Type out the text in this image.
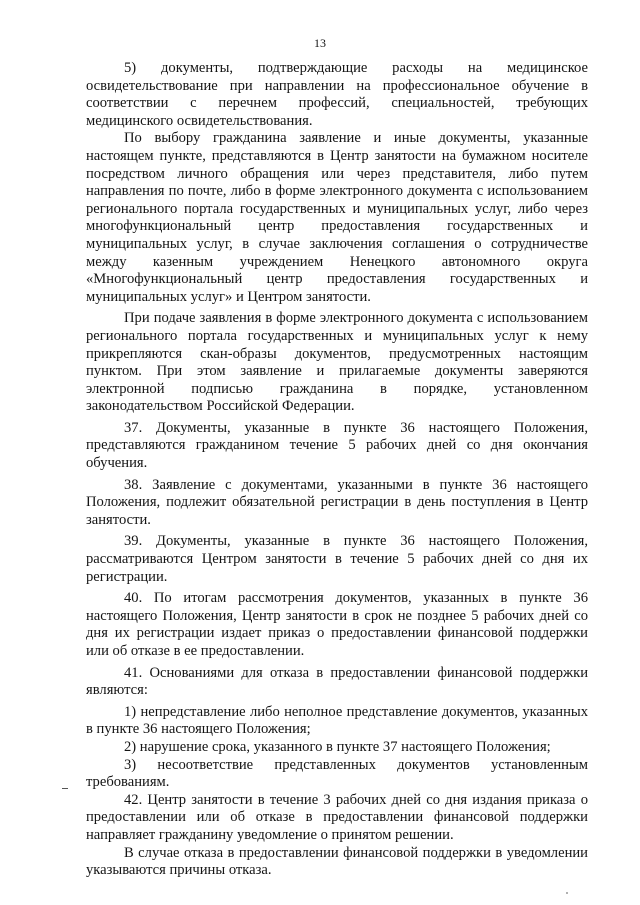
13

5) документы, подтверждающие расходы на медицинское освидетельствование при направлении на профессиональное обучение в соответствии с перечнем профессий, специальностей, требующих медицинского освидетельствования.

По выбору гражданина заявление и иные документы, указанные настоящем пункте, представляются в Центр занятости на бумажном носителе посредством личного обращения или через представителя, либо путем направления по почте, либо в форме электронного документа с использованием регионального портала государственных и муниципальных услуг, либо через многофункциональный центр предоставления государственных и муниципальных услуг, в случае заключения соглашения о сотрудничестве между казенным учреждением Ненецкого автономного округа «Многофункциональный центр предоставления государственных и муниципальных услуг» и Центром занятости.

При подаче заявления в форме электронного документа с использованием регионального портала государственных и муниципальных услуг к нему прикрепляются скан-образы документов, предусмотренных настоящим пунктом. При этом заявление и прилагаемые документы заверяются электронной подписью гражданина в порядке, установленном законодательством Российской Федерации.

37. Документы, указанные в пункте 36 настоящего Положения, представляются гражданином течение 5 рабочих дней со дня окончания обучения.

38. Заявление с документами, указанными в пункте 36 настоящего Положения, подлежит обязательной регистрации в день поступления в Центр занятости.

39. Документы, указанные в пункте 36 настоящего Положения, рассматриваются Центром занятости в течение 5 рабочих дней со дня их регистрации.

40. По итогам рассмотрения документов, указанных в пункте 36 настоящего Положения, Центр занятости в срок не позднее 5 рабочих дней со дня их регистрации издает приказ о предоставлении финансовой поддержки или об отказе в ее предоставлении.

41. Основаниями для отказа в предоставлении финансовой поддержки являются:

1) непредставление либо неполное представление документов, указанных в пункте 36 настоящего Положения;

2) нарушение срока, указанного в пункте 37 настоящего Положения;

3) несоответствие представленных документов установленным требованиям.

42. Центр занятости в течение 3 рабочих дней со дня издания приказа о предоставлении или об отказе в предоставлении финансовой поддержки направляет гражданину уведомление о принятом решении.

В случае отказа в предоставлении финансовой поддержки в уведомлении указываются причины отказа.
